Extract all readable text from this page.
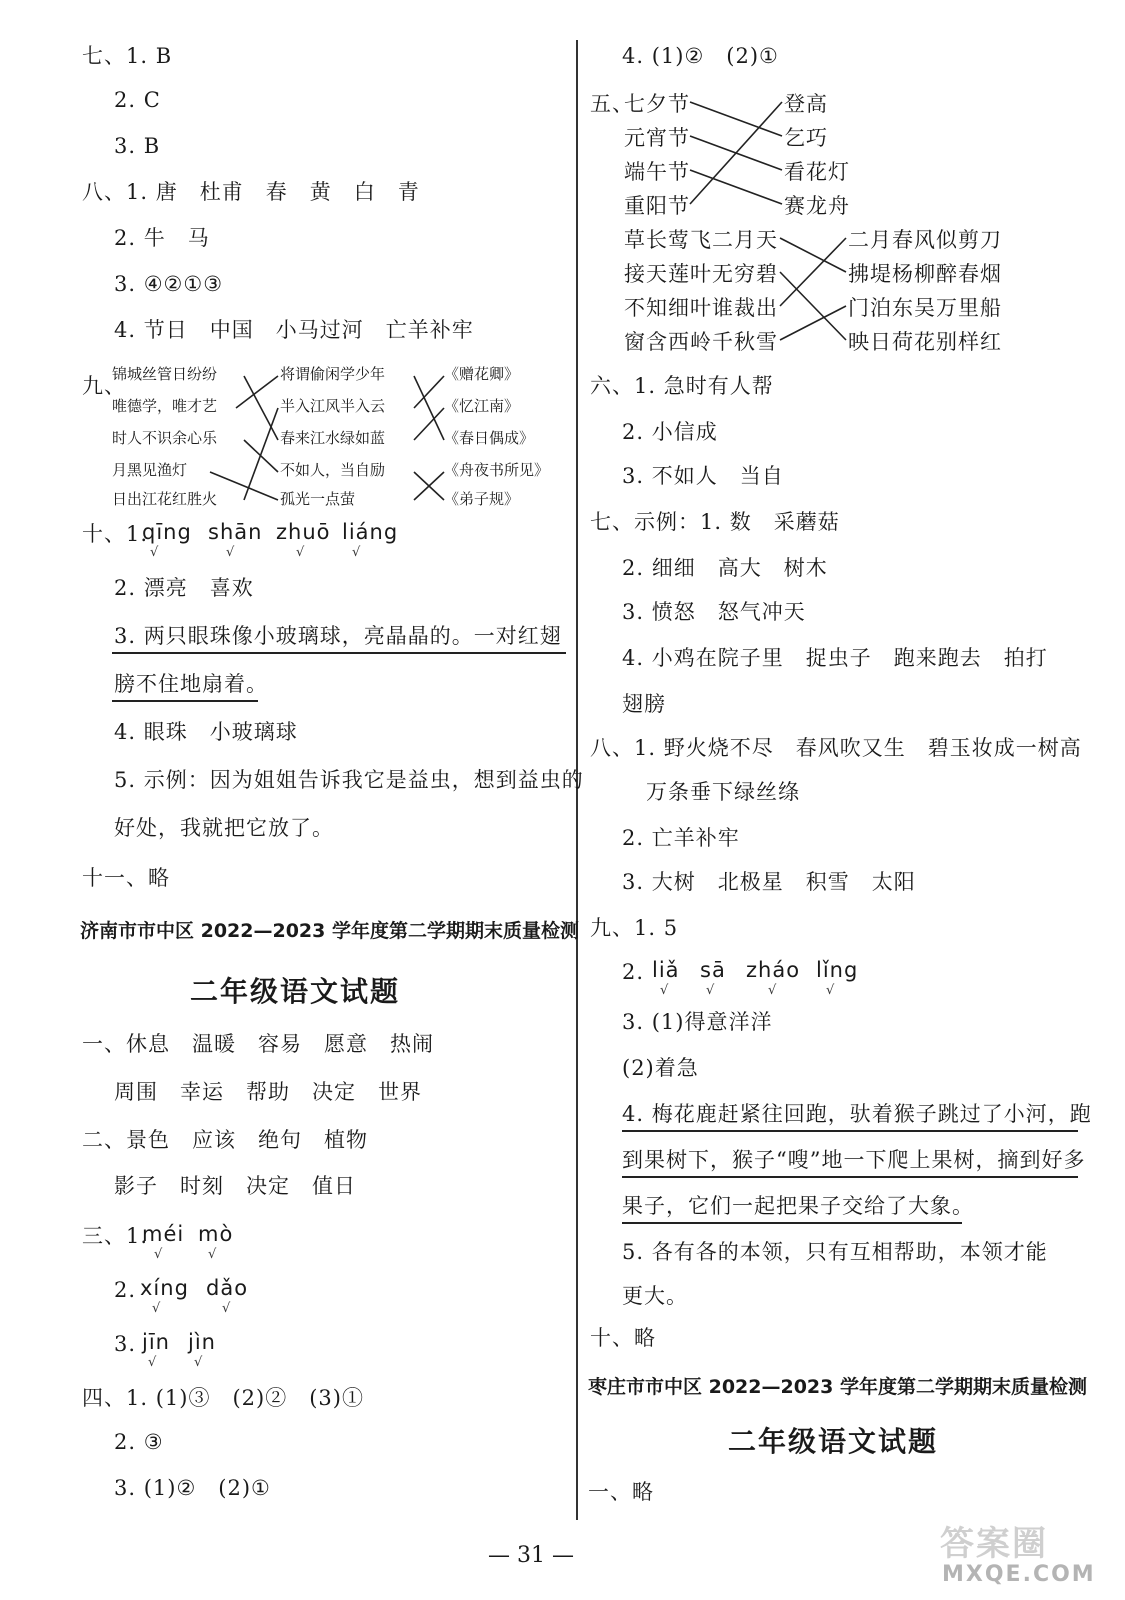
七、1. B
2. C
3. B
八、1. 唐　杜甫　春　黄　白　青
2. 牛　马
3. ④②①③
4. 节日　中国　小马过河　亡羊补牢
九、
锦城丝管日纷纷
唯德学，唯才艺
时人不识余心乐
月黑见渔灯
日出江花红胜火
将谓偷闲学少年
半入江风半入云
春来江水绿如蓝
不如人，当自励
孤光一点萤
《赠花卿》
《忆江南》
《春日偶成》
《舟夜书所见》
《弟子规》
十、1.
qīng shān zhuō liáng
√	√	√	√
2. 漂亮　喜欢
3. 两只眼珠像小玻璃球，亮晶晶的。一对红翅
膀不住地扇着。
4. 眼珠　小玻璃球
5. 示例：因为姐姐告诉我它是益虫，想到益虫的
好处，我就把它放了。
十一、略
济南市市中区 2022—2023 学年度第二学期期末质量检测
二年级语文试题
一、休息　温暖　容易　愿意　热闹
周围　幸运　帮助　决定　世界
二、景色　应该　绝句　植物
影子　时刻　决定　值日
三、1.
méi mò
√	√
2. xíng dǎo
√	√
3. jīn jìn
√	√
四、1. (1)③　(2)②　(3)①
2. ③
3. (1)②　(2)①
4. (1)②　(2)①
五、
七夕节
元宵节
端午节
重阳节
登高
乞巧
看花灯
赛龙舟
草长莺飞二月天
接天莲叶无穷碧
不知细叶谁裁出
窗含西岭千秋雪
二月春风似剪刀
拂堤杨柳醉春烟
门泊东吴万里船
映日荷花别样红
六、1. 急时有人帮
2. 小信成
3. 不如人　当自
七、示例：1. 数　采蘑菇
2. 细细　高大　树木
3. 愤怒　怒气冲天
4. 小鸡在院子里　捉虫子　跑来跑去　拍打
翅膀
八、1. 野火烧不尽　春风吹又生　碧玉妆成一树高
万条垂下绿丝绦
2. 亡羊补牢
3. 大树　北极星　积雪　太阳
九、1. 5
2. liǎ sā zháo lǐng
√	√	√	√
3. (1)得意洋洋
(2)着急
4. 梅花鹿赶紧往回跑，驮着猴子跳过了小河，跑
到果树下，猴子“嗖”地一下爬上果树，摘到好多
果子，它们一起把果子交给了大象。
5. 各有各的本领，只有互相帮助，本领才能
更大。
十、略
枣庄市市中区 2022—2023 学年度第二学期期末质量检测
二年级语文试题
一、略
— 31 —	答案圈
MXQE.COM
